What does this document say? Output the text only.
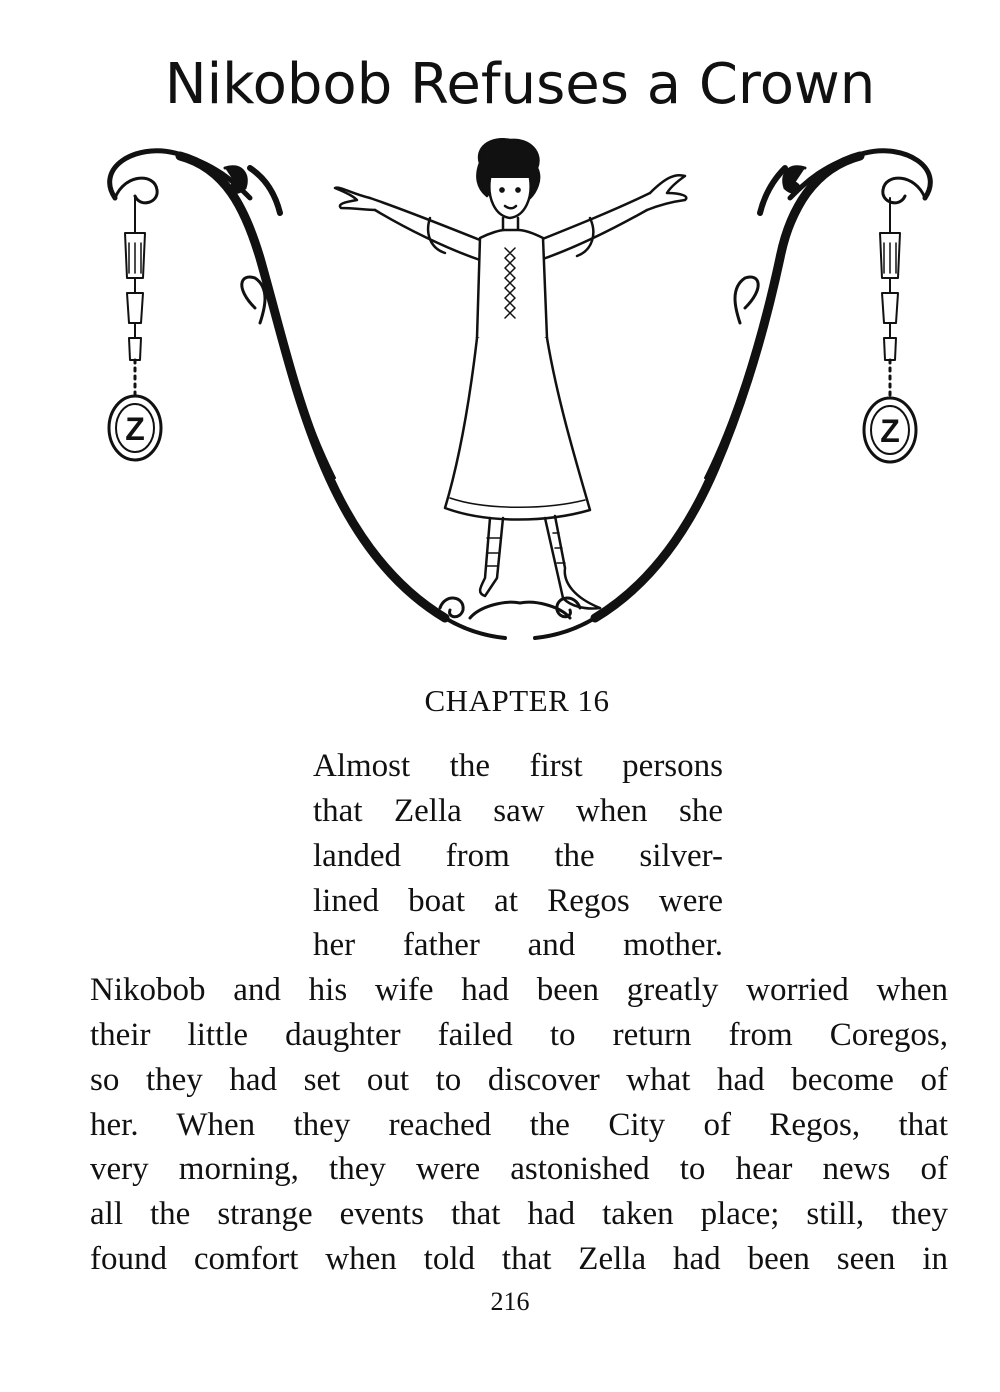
Nikobob Refuses a Crown
Z	Z
CHAPTER 16
Almost the first persons
that Zella saw when she
landed from the silver-
lined boat at Regos were
her father and mother.
Nikobob and his wife had been greatly worried when
their little daughter failed to return from Coregos,
so they had set out to discover what had become of
her. When they reached the City of Regos, that
very morning, they were astonished to hear news of
all the strange events that had taken place; still, they
found comfort when told that Zella had been seen in
216
